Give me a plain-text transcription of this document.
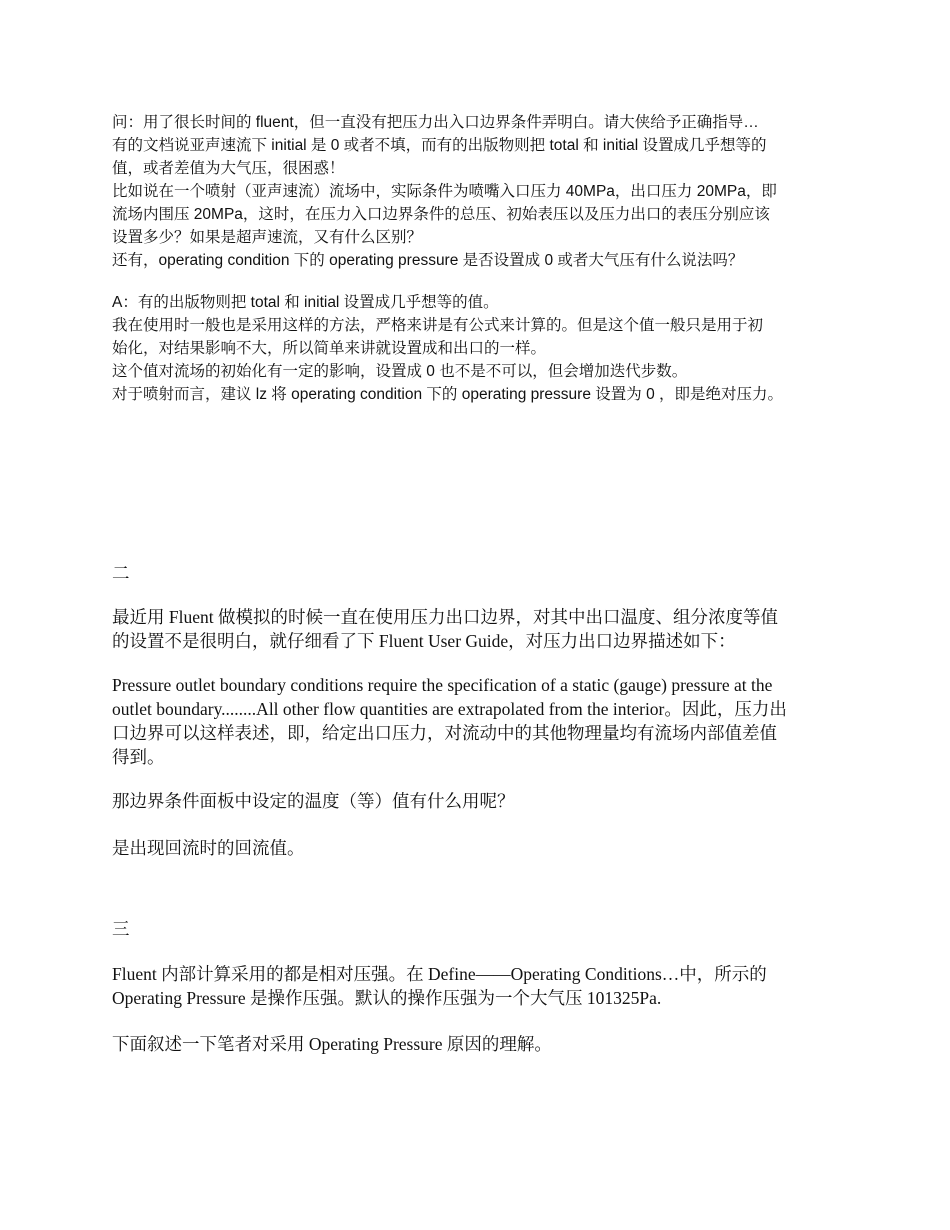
问：用了很长时间的 fluent，但一直没有把压力出入口边界条件弄明白。请大侠给予正确指导…

有的文档说亚声速流下 initial 是 0 或者不填，而有的出版物则把 total 和 initial 设置成几乎想等的

值，或者差值为大气压，很困惑！

比如说在一个喷射（亚声速流）流场中，实际条件为喷嘴入口压力 40MPa，出口压力 20MPa，即

流场内围压 20MPa，这时，在压力入口边界条件的总压、初始表压以及压力出口的表压分别应该

设置多少？如果是超声速流，又有什么区别？

还有，operating condition 下的 operating pressure 是否设置成 0 或者大气压有什么说法吗？

A：有的出版物则把 total 和 initial 设置成几乎想等的值。

我在使用时一般也是采用这样的方法，严格来讲是有公式来计算的。但是这个值一般只是用于初

始化，对结果影响不大，所以简单来讲就设置成和出口的一样。

这个值对流场的初始化有一定的影响，设置成 0 也不是不可以，但会增加迭代步数。

对于喷射而言，建议 lz 将 operating condition 下的 operating pressure 设置为 0 ，即是绝对压力。

二

最近用 Fluent 做模拟的时候一直在使用压力出口边界，对其中出口温度、组分浓度等值

的设置不是很明白，就仔细看了下 Fluent User Guide，对压力出口边界描述如下：

Pressure outlet boundary conditions require the specification of a static (gauge) pressure at the

outlet boundary........All other flow quantities are extrapolated from the interior。因此，压力出

口边界可以这样表述，即，给定出口压力，对流动中的其他物理量均有流场内部值差值

得到。

那边界条件面板中设定的温度（等）值有什么用呢？

是出现回流时的回流值。

三

Fluent 内部计算采用的都是相对压强。在 Define——Operating Conditions…中，所示的

Operating Pressure 是操作压强。默认的操作压强为一个大气压 101325Pa.

下面叙述一下笔者对采用 Operating Pressure 原因的理解。
